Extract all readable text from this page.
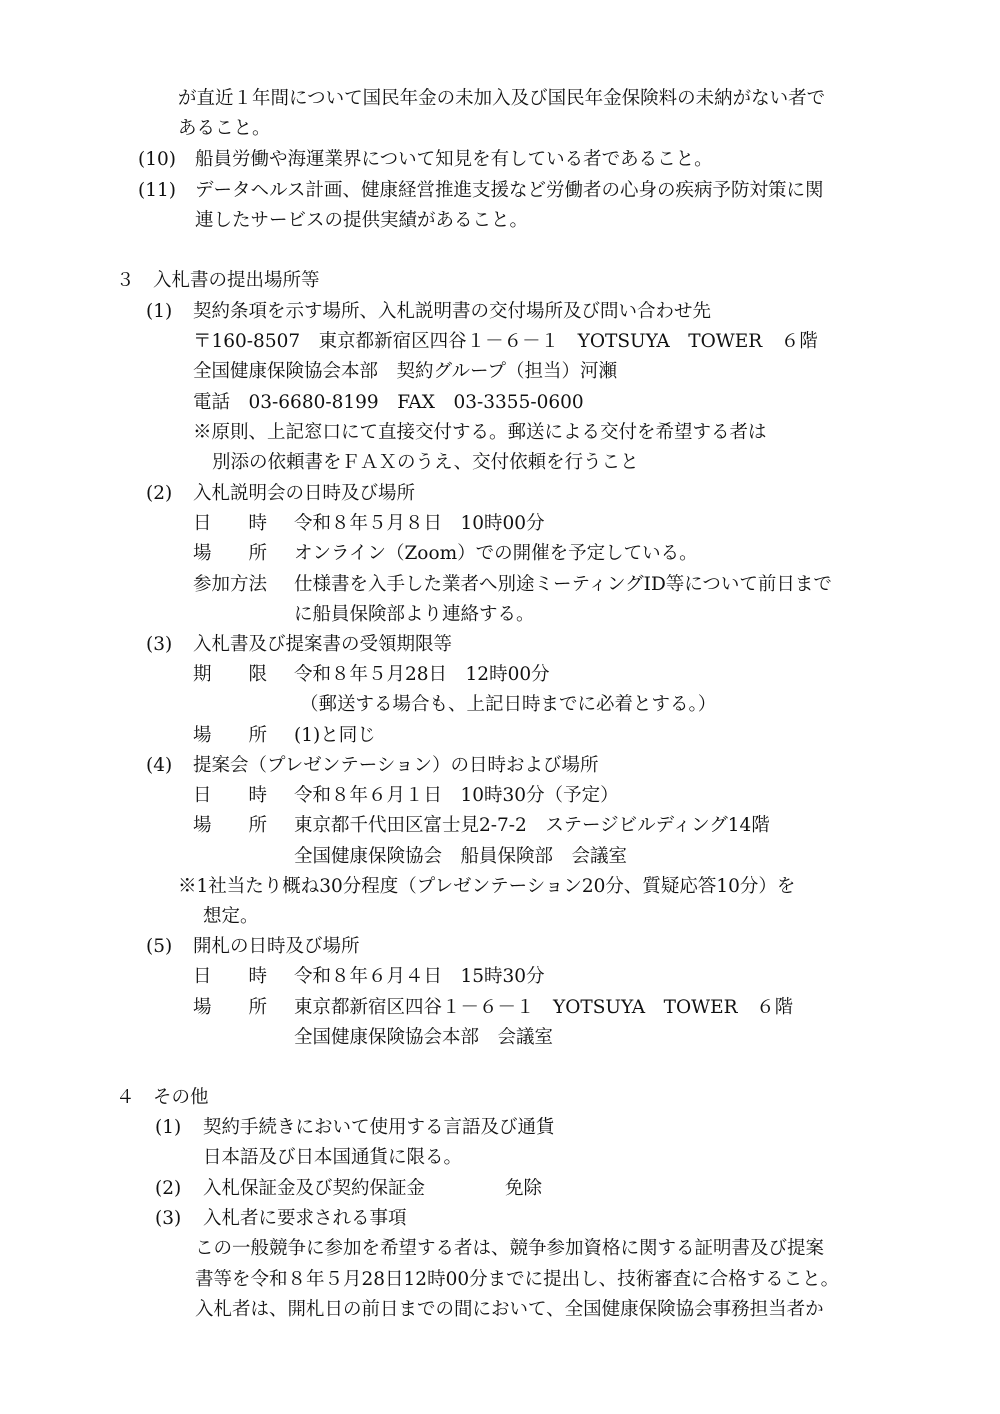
が直近１年間について国民年金の未加入及び国民年金保険料の未納がない者で
あること。
(10) 船員労働や海運業界について知見を有している者であること。
(11) データヘルス計画、健康経営推進支援など労働者の心身の疾病予防対策に関
連したサービスの提供実績があること。
３　入札書の提出場所等
(1) 契約条項を示す場所、入札説明書の交付場所及び問い合わせ先
〒160-8507　東京都新宿区四谷１－６－１　YOTSUYA　TOWER　６階
全国健康保険協会本部　契約グループ（担当）河瀬
電話　03-6680-8199　FAX　03-3355-0600
※原則、上記窓口にて直接交付する。郵送による交付を希望する者は
別添の依頼書をＦＡＸのうえ、交付依頼を行うこと
(2) 入札説明会の日時及び場所
日　　時 令和８年５月８日　10時00分
場　　所 オンライン（Zoom）での開催を予定している。
参加方法 仕様書を入手した業者へ別途ミーティングID等について前日まで
に船員保険部より連絡する。
(3) 入札書及び提案書の受領期限等
期　　限 令和８年５月28日　12時00分
（郵送する場合も、上記日時までに必着とする。）
場　　所 (1)と同じ
(4) 提案会（プレゼンテーション）の日時および場所
日　　時 令和８年６月１日　10時30分（予定）
場　　所 東京都千代田区富士見2-7-2　ステージビルディング14階
全国健康保険協会　船員保険部　会議室
※1社当たり概ね30分程度（プレゼンテーション20分、質疑応答10分）を
想定。
(5) 開札の日時及び場所
日　　時 令和８年６月４日　15時30分
場　　所 東京都新宿区四谷１－６－１　YOTSUYA　TOWER　６階
全国健康保険協会本部　会議室
４　その他
(1) 契約手続きにおいて使用する言語及び通貨
日本語及び日本国通貨に限る。
(2) 入札保証金及び契約保証金	免除
(3) 入札者に要求される事項
この一般競争に参加を希望する者は、競争参加資格に関する証明書及び提案
書等を令和８年５月28日12時00分までに提出し、技術審査に合格すること。
入札者は、開札日の前日までの間において、全国健康保険協会事務担当者か
